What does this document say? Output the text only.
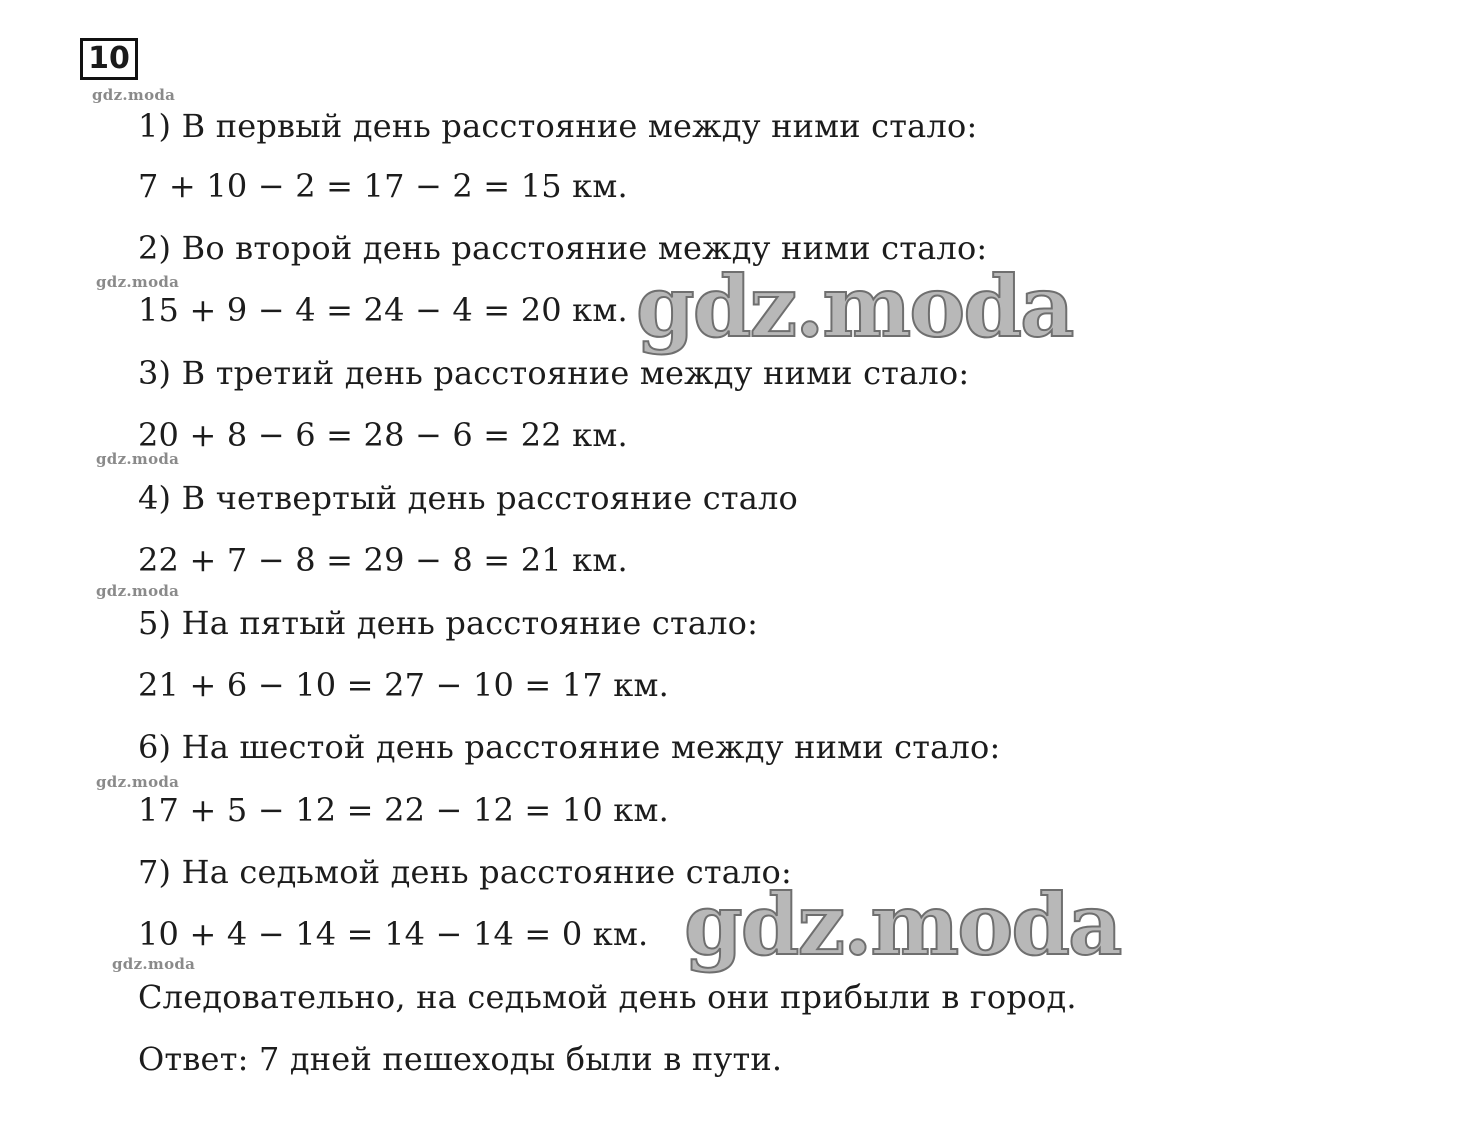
10
1) В первый день расстояние между ними стало:
7 + 10 − 2 = 17 − 2 = 15 км.
2) Во второй день расстояние между ними стало:
15 + 9 − 4 = 24 − 4 = 20 км.
3) В третий день расстояние между ними стало:
20 + 8 − 6 = 28 − 6 = 22 км.
4) В четвертый день расстояние стало
22 + 7 − 8 = 29 − 8 = 21 км.
5) На пятый день расстояние стало:
21 + 6 − 10 = 27 − 10 = 17 км.
6) На шестой день расстояние между ними стало:
17 + 5 − 12 = 22 − 12 = 10 км.
7) На седьмой день расстояние стало:
10 + 4 − 14 = 14 − 14 = 0 км.
Следовательно, на седьмой день они прибыли в город.
Ответ: 7 дней пешеходы были в пути.
gdz.moda
gdz.moda
gdz.moda
gdz.moda
gdz.moda
gdz.moda
gdz.moda
gdz.moda
